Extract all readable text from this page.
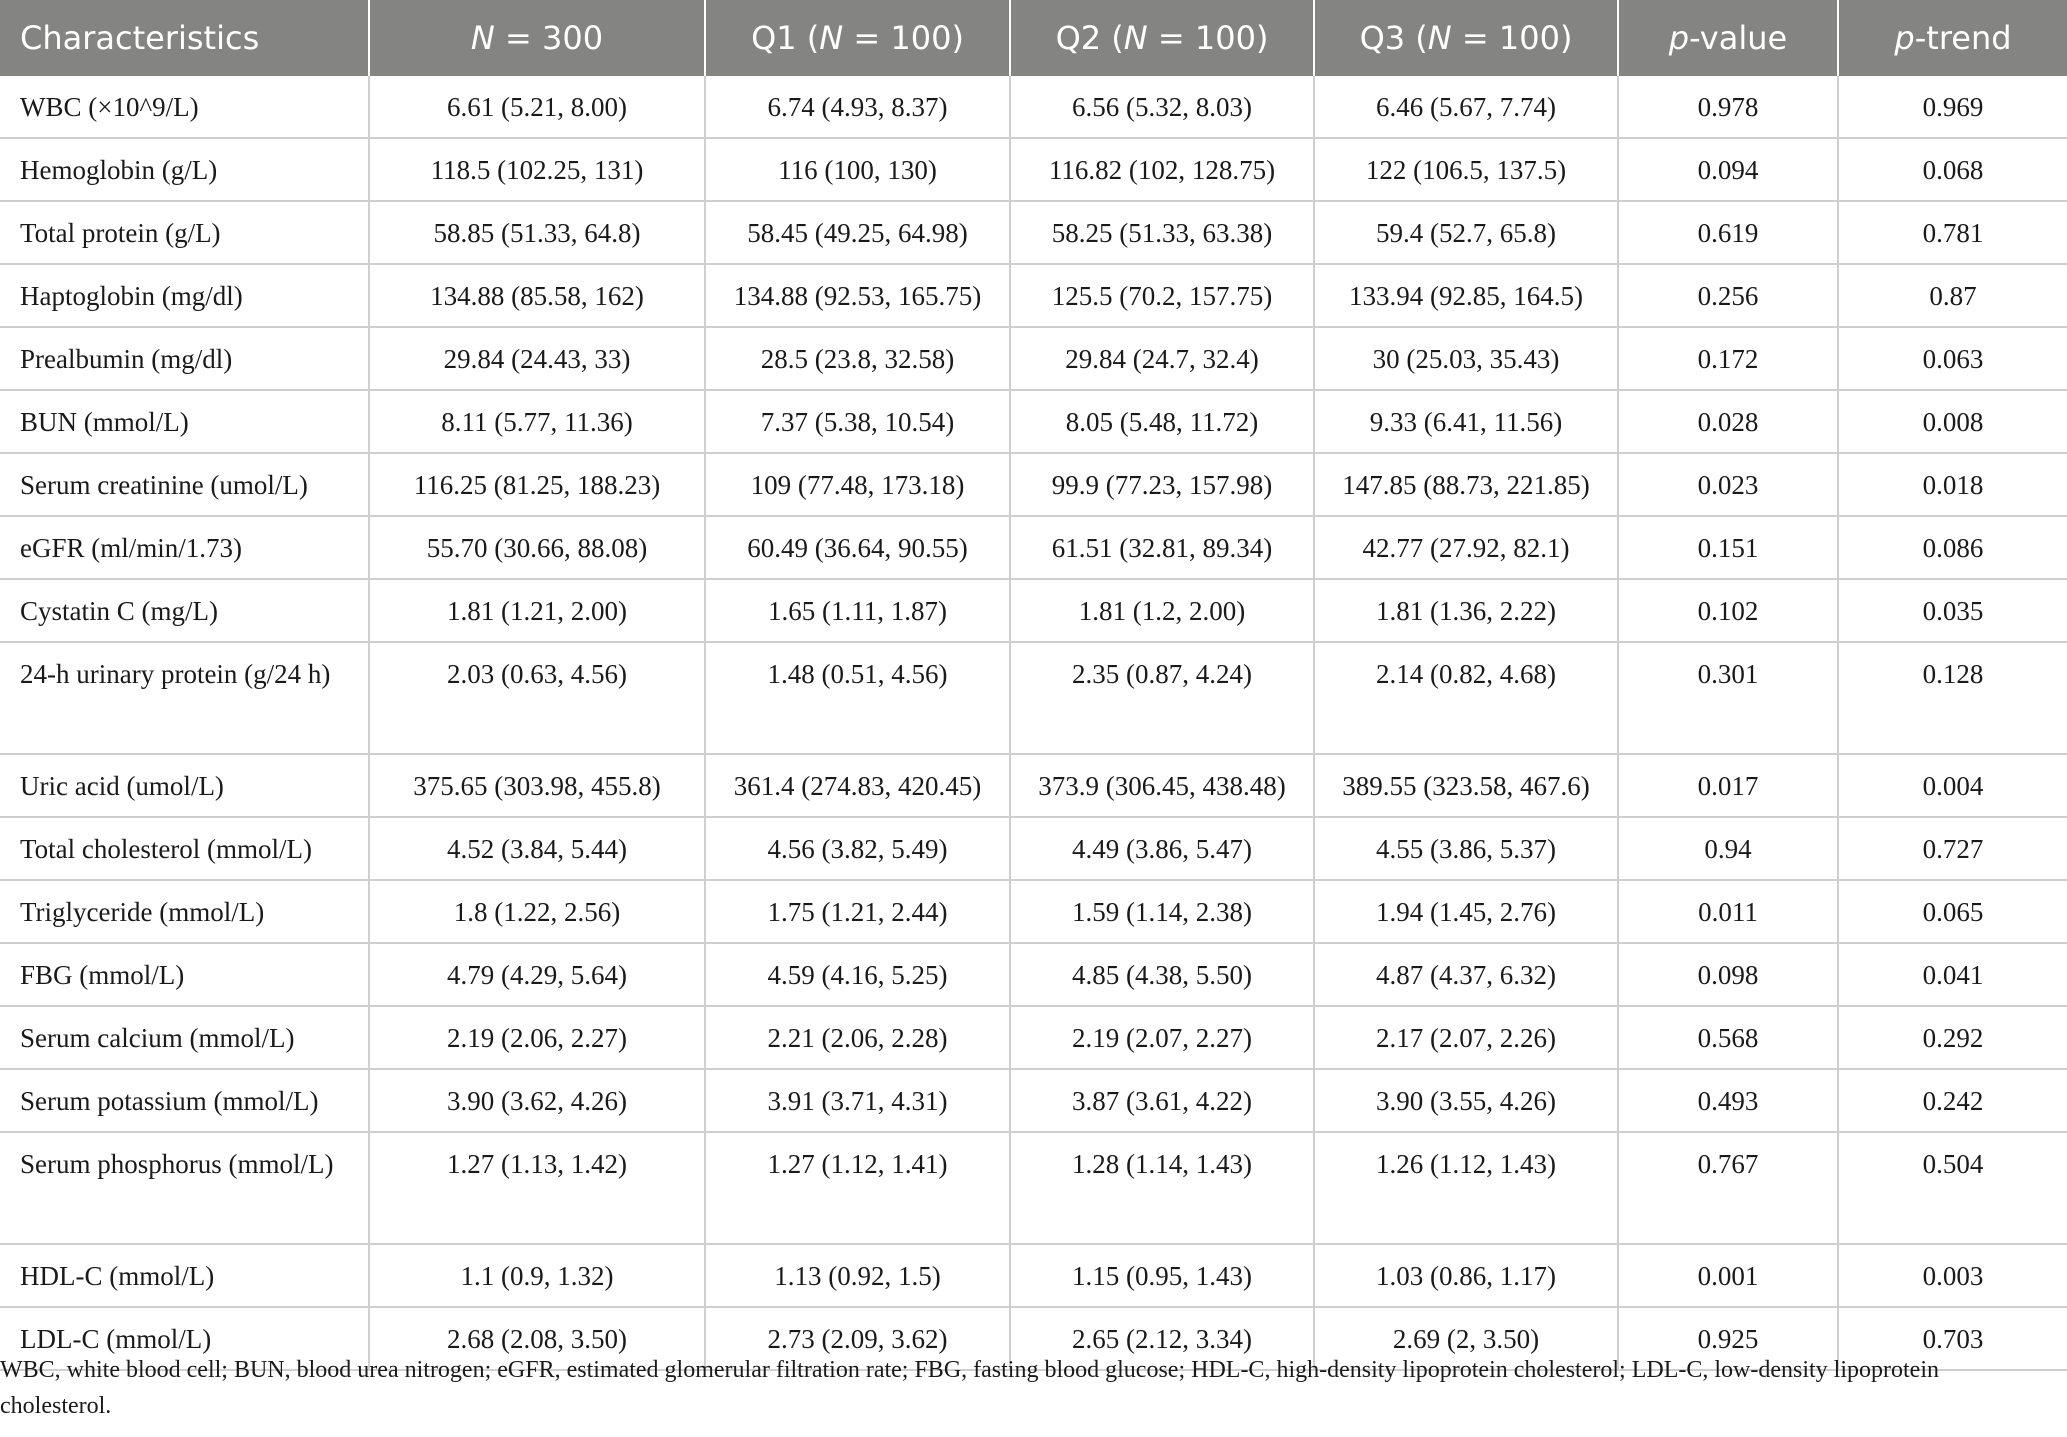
Characteristics	N = 300	Q1 (N = 100)	Q2 (N = 100)	Q3 (N = 100)	p-value	p-trend

WBC (×10^9/L)	6.61 (5.21, 8.00)	6.74 (4.93, 8.37)	6.56 (5.32, 8.03)	6.46 (5.67, 7.74)	0.978	0.969

Hemoglobin (g/L)	118.5 (102.25, 131)	116 (100, 130)	116.82 (102, 128.75)	122 (106.5, 137.5)	0.094	0.068

Total protein (g/L)	58.85 (51.33, 64.8)	58.45 (49.25, 64.98)	58.25 (51.33, 63.38)	59.4 (52.7, 65.8)	0.619	0.781

Haptoglobin (mg/dl)	134.88 (85.58, 162)	134.88 (92.53, 165.75)	125.5 (70.2, 157.75)	133.94 (92.85, 164.5)	0.256	0.87

Prealbumin (mg/dl)	29.84 (24.43, 33)	28.5 (23.8, 32.58)	29.84 (24.7, 32.4)	30 (25.03, 35.43)	0.172	0.063

BUN (mmol/L)	8.11 (5.77, 11.36)	7.37 (5.38, 10.54)	8.05 (5.48, 11.72)	9.33 (6.41, 11.56)	0.028	0.008

Serum creatinine (umol/L)	116.25 (81.25, 188.23)	109 (77.48, 173.18)	99.9 (77.23, 157.98)	147.85 (88.73, 221.85)	0.023	0.018

eGFR (ml/min/1.73)	55.70 (30.66, 88.08)	60.49 (36.64, 90.55)	61.51 (32.81, 89.34)	42.77 (27.92, 82.1)	0.151	0.086

Cystatin C (mg/L)	1.81 (1.21, 2.00)	1.65 (1.11, 1.87)	1.81 (1.2, 2.00)	1.81 (1.36, 2.22)	0.102	0.035

24-h urinary protein (g/24 h)	2.03 (0.63, 4.56)	1.48 (0.51, 4.56)	2.35 (0.87, 4.24)	2.14 (0.82, 4.68)	0.301	0.128

Uric acid (umol/L)	375.65 (303.98, 455.8)	361.4 (274.83, 420.45)	373.9 (306.45, 438.48)	389.55 (323.58, 467.6)	0.017	0.004

Total cholesterol (mmol/L)	4.52 (3.84, 5.44)	4.56 (3.82, 5.49)	4.49 (3.86, 5.47)	4.55 (3.86, 5.37)	0.94	0.727

Triglyceride (mmol/L)	1.8 (1.22, 2.56)	1.75 (1.21, 2.44)	1.59 (1.14, 2.38)	1.94 (1.45, 2.76)	0.011	0.065

FBG (mmol/L)	4.79 (4.29, 5.64)	4.59 (4.16, 5.25)	4.85 (4.38, 5.50)	4.87 (4.37, 6.32)	0.098	0.041

Serum calcium (mmol/L)	2.19 (2.06, 2.27)	2.21 (2.06, 2.28)	2.19 (2.07, 2.27)	2.17 (2.07, 2.26)	0.568	0.292

Serum potassium (mmol/L)	3.90 (3.62, 4.26)	3.91 (3.71, 4.31)	3.87 (3.61, 4.22)	3.90 (3.55, 4.26)	0.493	0.242

Serum phosphorus (mmol/L)	1.27 (1.13, 1.42)	1.27 (1.12, 1.41)	1.28 (1.14, 1.43)	1.26 (1.12, 1.43)	0.767	0.504

HDL-C (mmol/L)	1.1 (0.9, 1.32)	1.13 (0.92, 1.5)	1.15 (0.95, 1.43)	1.03 (0.86, 1.17)	0.001	0.003

LDL-C (mmol/L)	2.68 (2.08, 3.50)	2.73 (2.09, 3.62)	2.65 (2.12, 3.34)	2.69 (2, 3.50)	0.925	0.703
WBC, white blood cell; BUN, blood urea nitrogen; eGFR, estimated glomerular filtration rate; FBG, fasting blood glucose; HDL-C, high-density lipoprotein cholesterol; LDL-C, low-density lipoprotein cholesterol.
